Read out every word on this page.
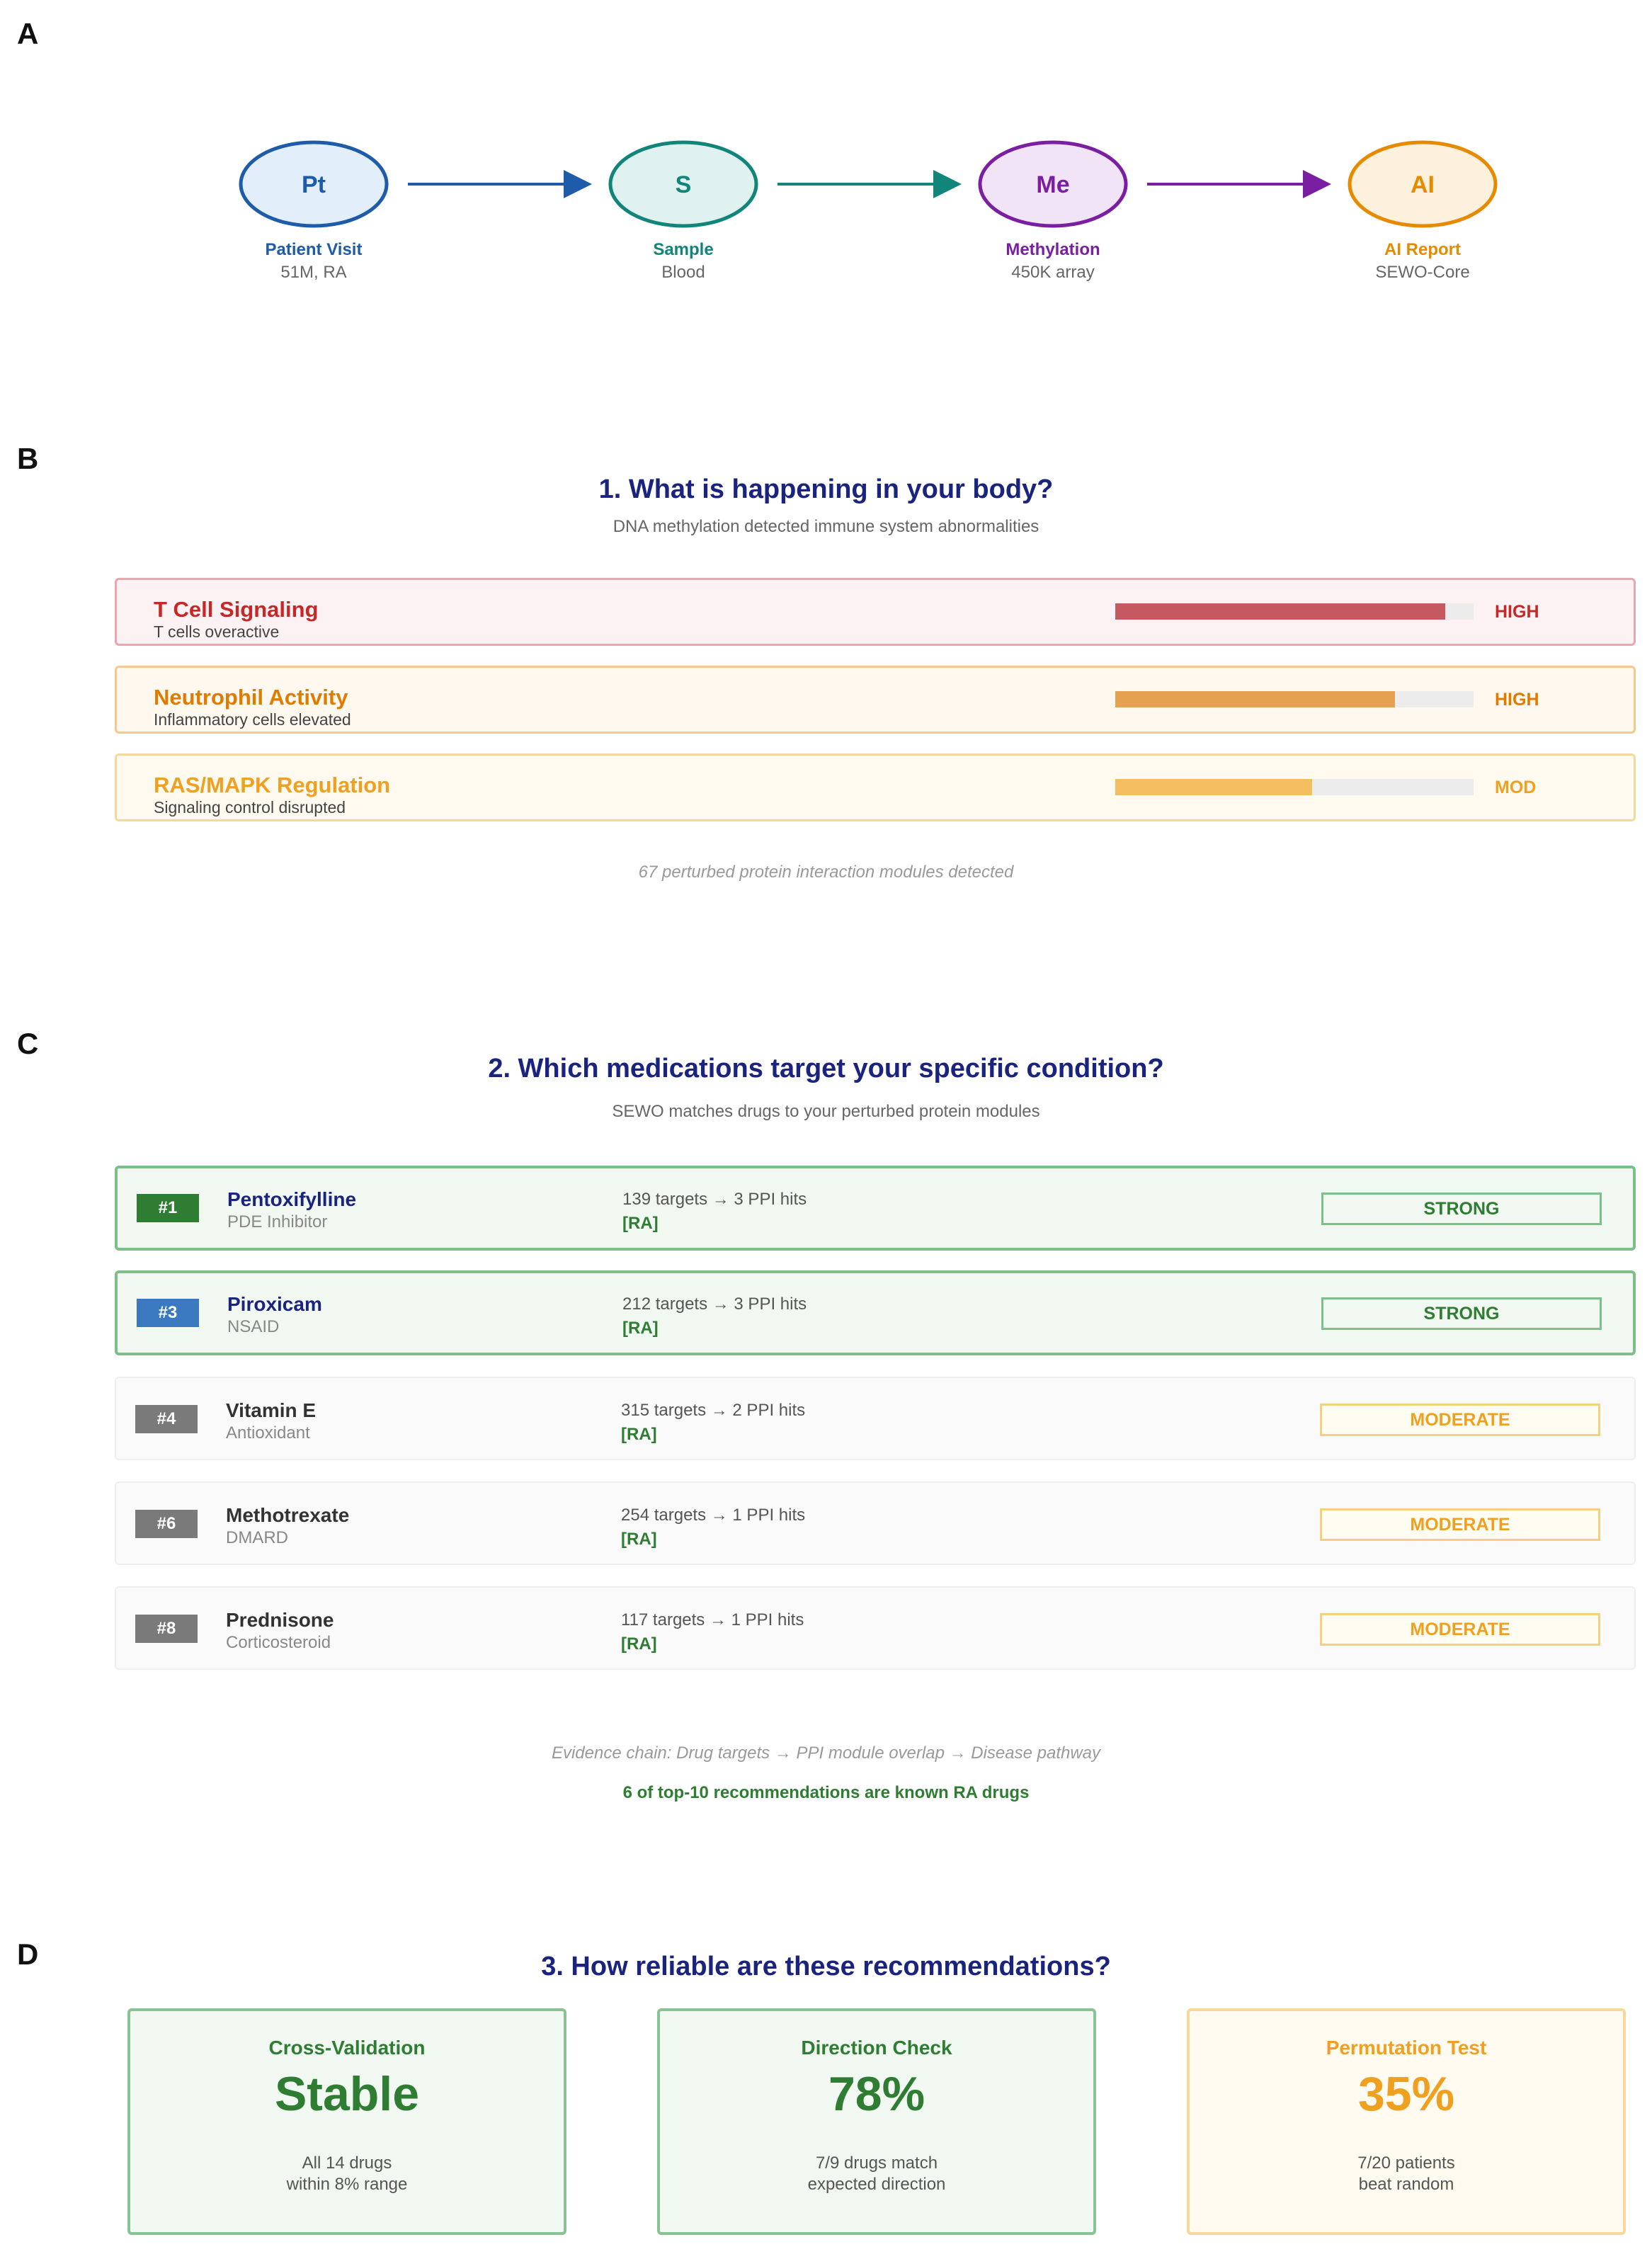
A
B
C
D
Pt
Patient Visit
51M, RA
S
Sample
Blood
Me
Methylation
450K array
AI
AI Report
SEWO-Core
1. What is happening in your body?
DNA methylation detected immune system abnormalities
T Cell Signaling
T cells overactive
HIGH
Neutrophil Activity
Inflammatory cells elevated
HIGH
RAS/MAPK Regulation
Signaling control disrupted
MOD
67 perturbed protein interaction modules detected
2. Which medications target your specific condition?
SEWO matches drugs to your perturbed protein modules
#1	Pentoxifylline
PDE Inhibitor
139 targets → 3 PPI hits
[RA]
STRONG
#3	Piroxicam
NSAID
212 targets → 3 PPI hits
[RA]
STRONG
#4	Vitamin E
Antioxidant
315 targets → 2 PPI hits
[RA]
MODERATE
#6	Methotrexate
DMARD
254 targets → 1 PPI hits
[RA]
MODERATE
#8	Prednisone
Corticosteroid
117 targets → 1 PPI hits
[RA]
MODERATE
Evidence chain: Drug targets → PPI module overlap → Disease pathway
6 of top-10 recommendations are known RA drugs
3. How reliable are these recommendations?
Cross-Validation
Stable
All 14 drugs
within 8% range
Direction Check
78%
7/9 drugs match
expected direction
Permutation Test
35%
7/20 patients
beat random
